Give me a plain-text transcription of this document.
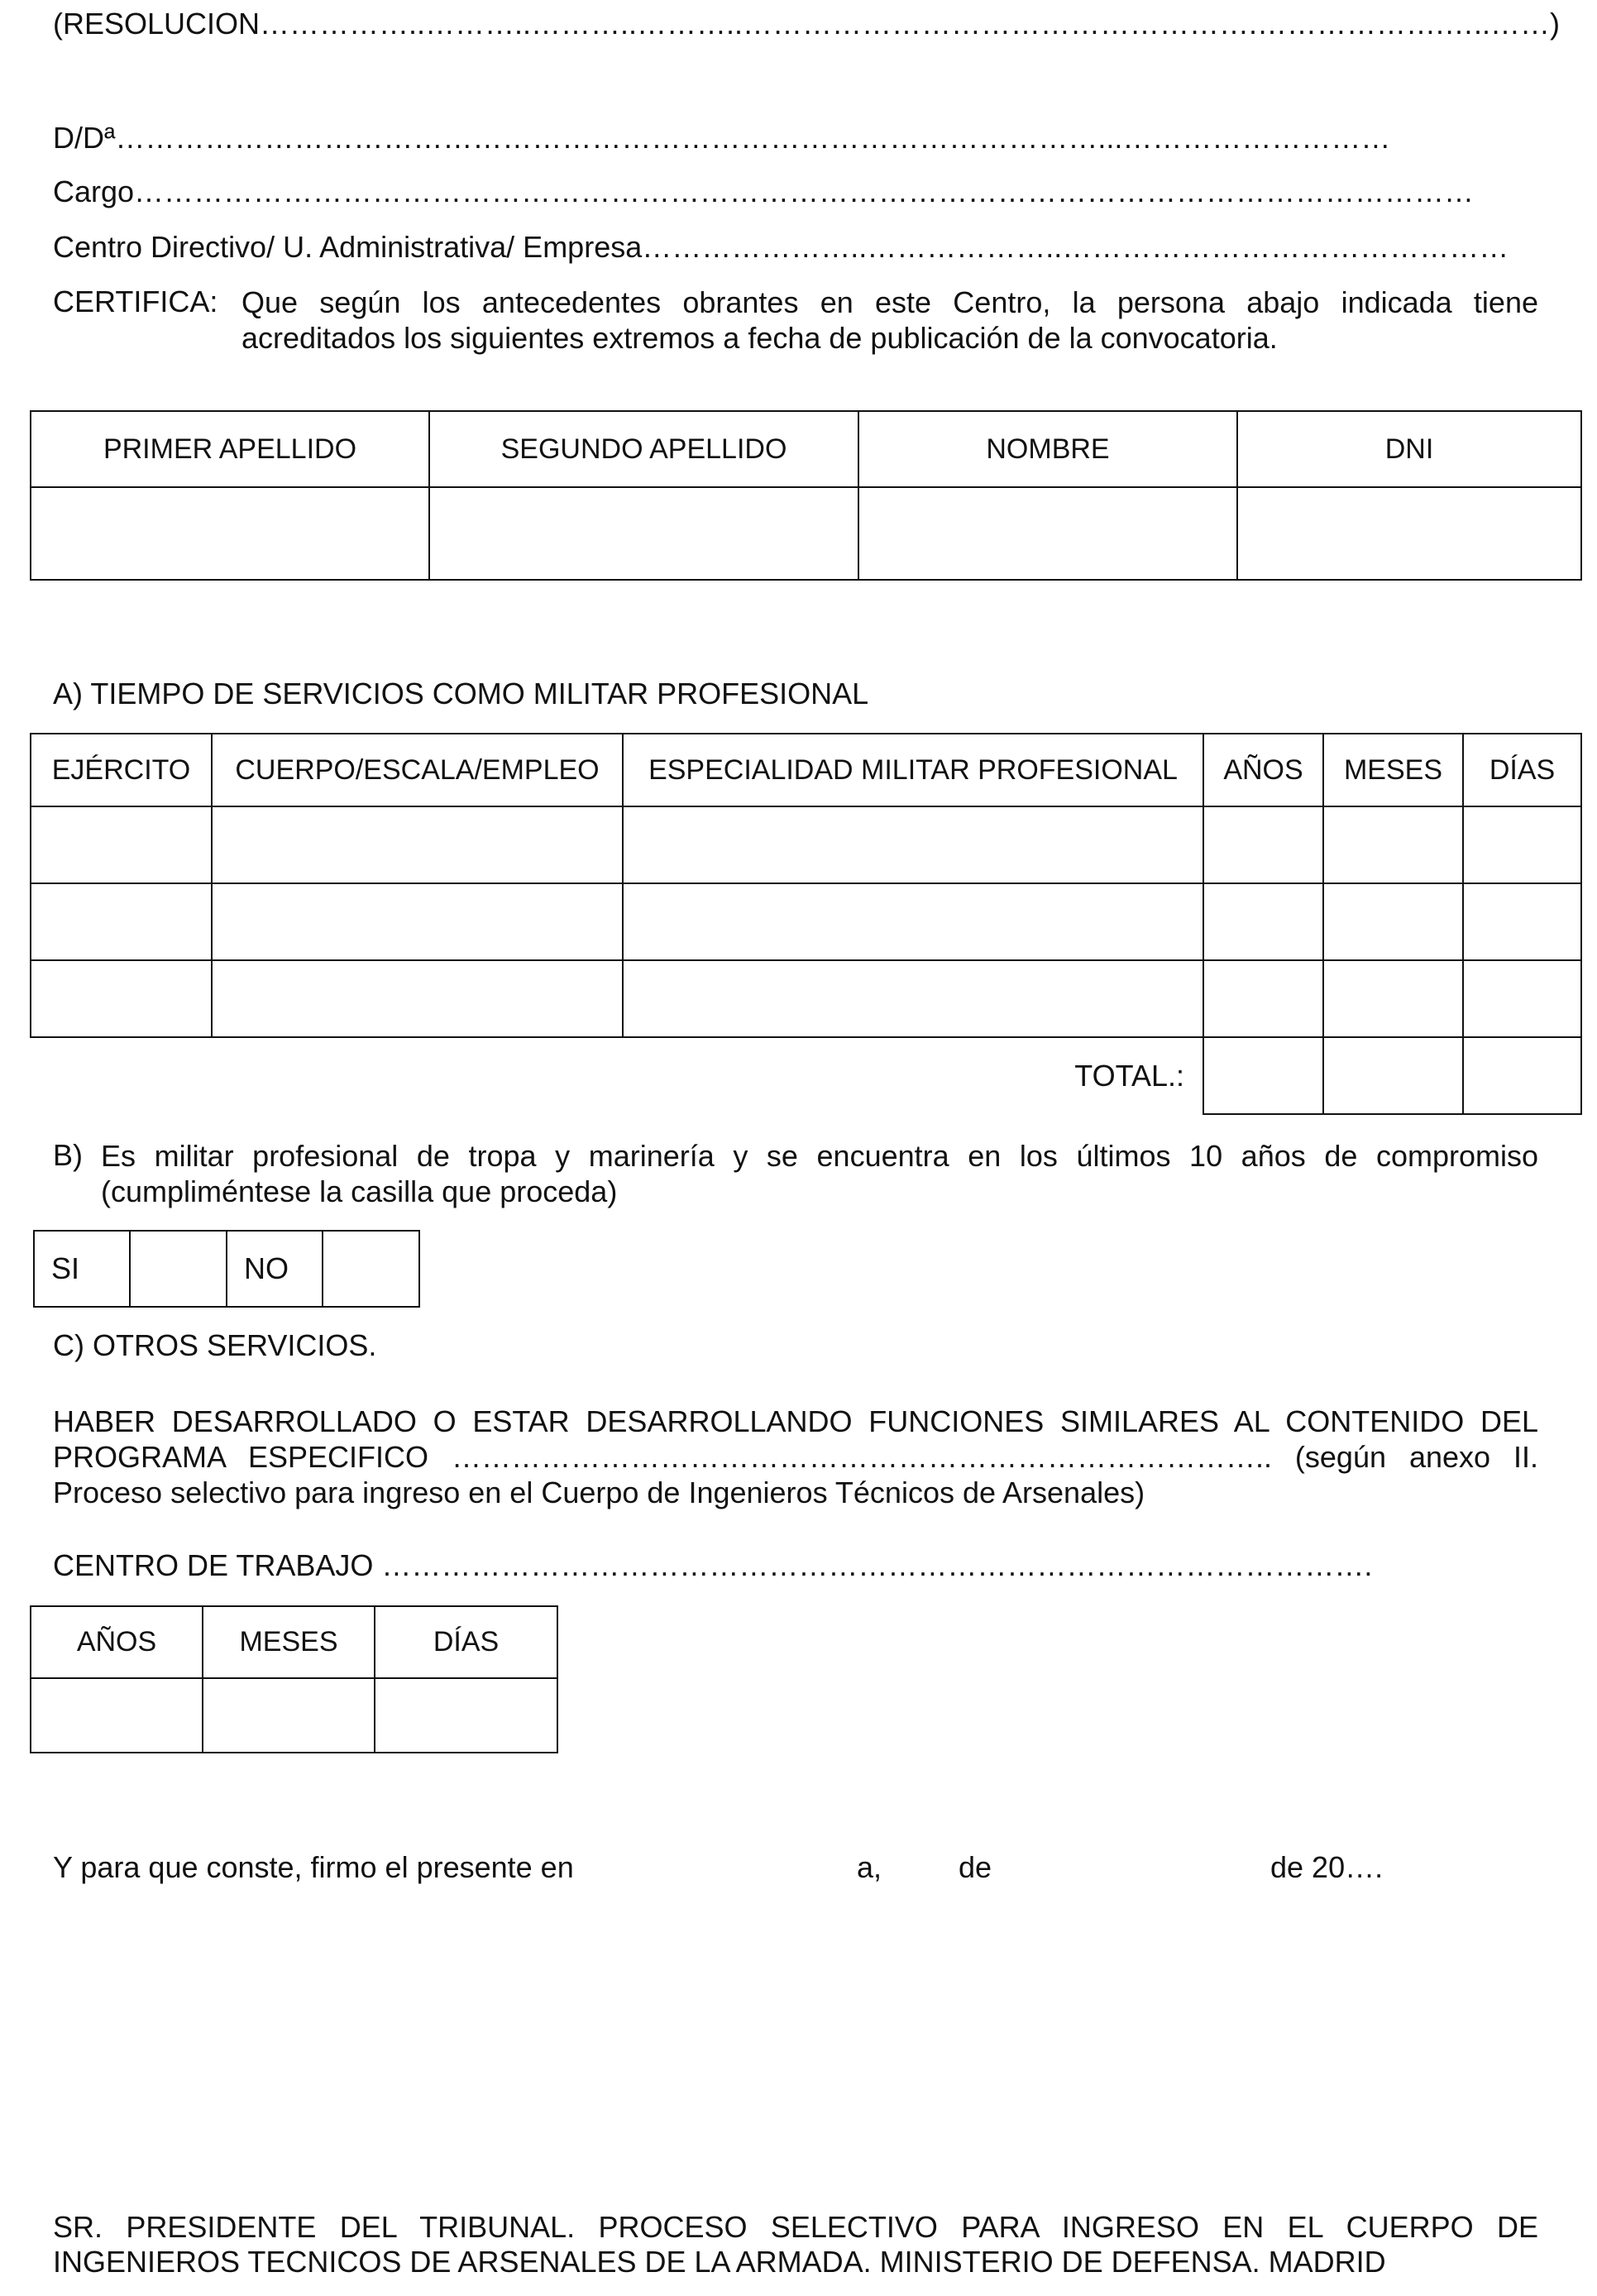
(RESOLUCION……………..………..………..………..…………………………………………….……………….…..……)
D/Dª………………………………………………………………………………………...………………………
Cargo………………………………………………………………………………………………………………………
Centro Directivo/ U. Administrativa/ Empresa…………………..………………..………………………………………
CERTIFICA: Que según los antecedentes obrantes en este Centro, la persona abajo indicada tiene acreditados los siguientes extremos a fecha de publicación de la convocatoria.
PRIMER APELLIDO	SEGUNDO APELLIDO	NOMBRE	DNI

A) TIEMPO DE SERVICIOS COMO MILITAR PROFESIONAL
EJÉRCITO	CUERPO/ESCALA/EMPLEO	ESPECIALIDAD MILITAR PROFESIONAL	AÑOS	MESES	DÍAS

TOTAL.:					
B) Es militar profesional de tropa y marinería y se encuentra en los últimos 10 años de compromiso (cumpliméntese la casilla que proceda)
SI		NO	
C) OTROS SERVICIOS.
HABER DESARROLLADO O ESTAR DESARROLLANDO FUNCIONES SIMILARES AL CONTENIDO DEL PROGRAMA ESPECIFICO ……………………………………………………………………….. (según anexo II. Proceso selectivo para ingreso en el Cuerpo de Ingenieros Técnicos de Arsenales)
CENTRO DE TRABAJO ……………………………………………………………………………………….
AÑOS	MESES	DÍAS

Y para que conste, firmo el presente en	a,	de	de 20….
SR. PRESIDENTE DEL TRIBUNAL. PROCESO SELECTIVO PARA INGRESO EN EL CUERPO DE INGENIEROS TECNICOS DE ARSENALES DE LA ARMADA. MINISTERIO DE DEFENSA. MADRID
